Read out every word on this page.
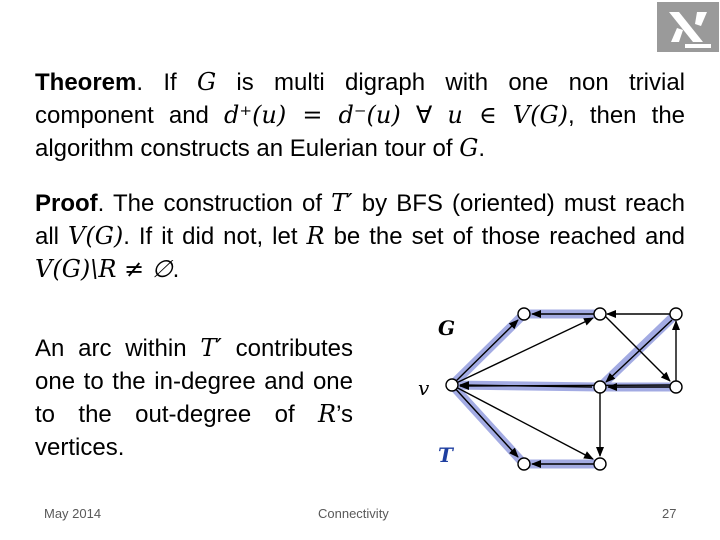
Theorem. If G is multi digraph with one non trivial component and d⁺(u) = d⁻(u) ∀ u ∈ V(G), then the algorithm constructs an Eulerian tour of G.
Proof. The construction of T′ by BFS (oriented) must reach all V(G). If it did not, let R be the set of those reached and V(G)\R ≠ ∅.
An arc within T′ contributes one to the in-degree and one to the out-degree of R’s vertices.
G
v
T
May 2014	Connectivity	27
